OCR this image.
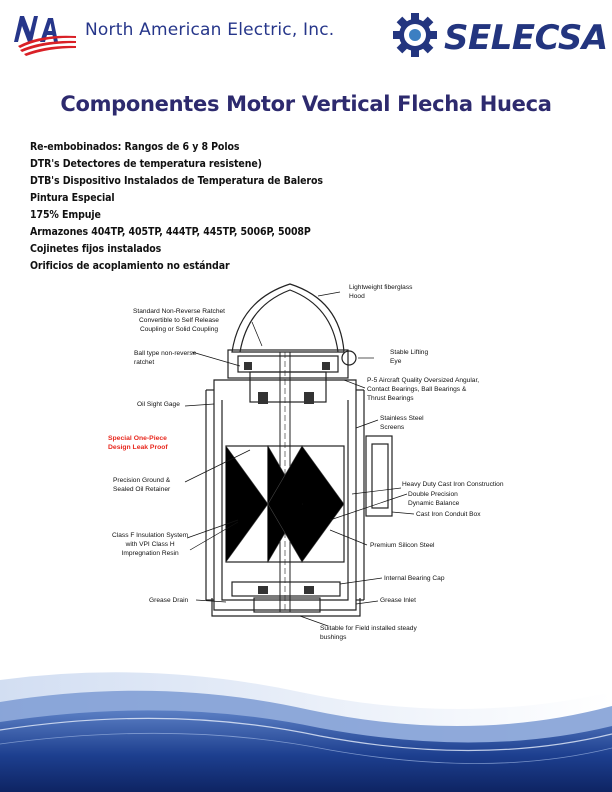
North American Electric, Inc.	SELECSA
Componentes Motor Vertical Flecha Hueca
Re-embobinados: Rangos de 6 y 8 Polos
DTR's Detectores de temperatura resistene)
DTB's Dispositivo Instalados de Temperatura de Baleros
Pintura Especial
175% Empuje
Armazones 404TP, 405TP, 444TP, 445TP, 5006P, 5008P
Cojinetes fijos instalados
Orificios de acoplamiento no estándar
Lightweight fiberglass
Hood
Standard Non-Reverse Ratchet
Convertible to Self Release
Coupling or Solid Coupling
Ball type non-reverse
ratchet
Stable Lifting
Eye
P-5 Aircraft Quality Oversized Angular,
Contact Bearings, Ball Bearings &
Thrust Bearings
Oil Sight Gage
Stainless Steel
Screens
Special One-Piece
Design Leak Proof
Precision Ground &
Sealed Oil Retainer
Heavy Duty Cast Iron Construction
Double Precision
Dynamic Balance
Cast Iron Conduit Box
Class F Insulation System
with VPI Class H
Impregnation Resin
Premium Silicon Steel
Internal Bearing Cap
Grease Drain	Grease Inlet
Suitable for Field installed steady
bushings
